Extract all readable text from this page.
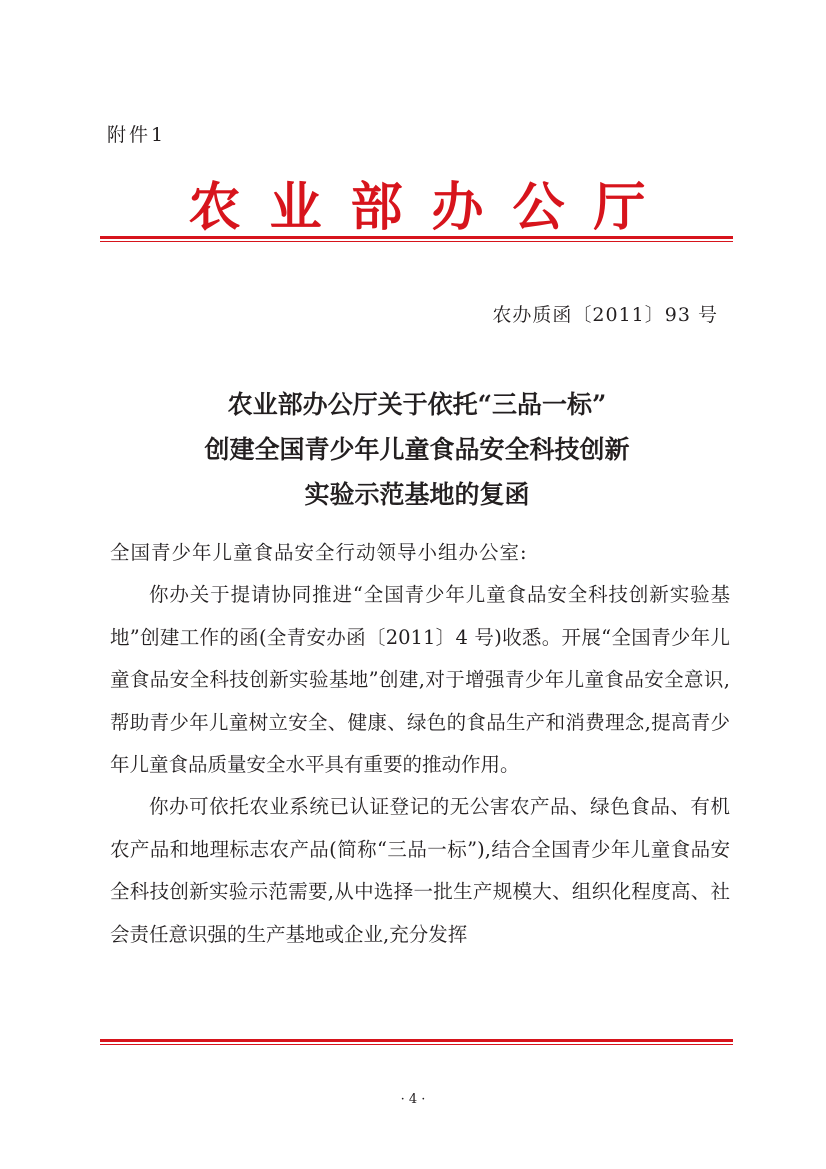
附件1
农业部办公厅
农办质函〔2011〕93 号
农业部办公厅关于依托“三品一标”
创建全国青少年儿童食品安全科技创新
实验示范基地的复函

全国青少年儿童食品安全行动领导小组办公室:

你办关于提请协同推进“全国青少年儿童食品安全科技创新实验基地”创建工作的函(全青安办函〔2011〕4 号)收悉。开展“全国青少年儿童食品安全科技创新实验基地”创建,对于增强青少年儿童食品安全意识,帮助青少年儿童树立安全、健康、绿色的食品生产和消费理念,提高青少年儿童食品质量安全水平具有重要的推动作用。

你办可依托农业系统已认证登记的无公害农产品、绿色食品、有机农产品和地理标志农产品(简称“三品一标”),结合全国青少年儿童食品安全科技创新实验示范需要,从中选择一批生产规模大、组织化程度高、社会责任意识强的生产基地或企业,充分发挥

· 4 ·
